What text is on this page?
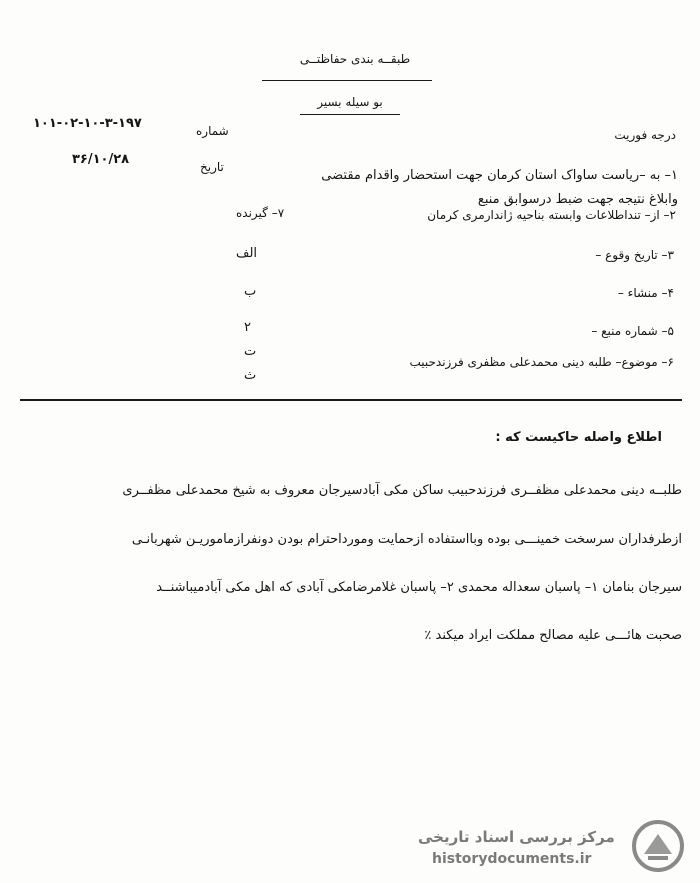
طبقــه بندی حفاظتــی
بو سیله بسیر
درجه فوریت
شماره
۱۰۱-۰۲-۱۰-۳-۱۹۷
تاریخ
۳۶/۱۰/۲۸
۱– به –ریاست ساواک استان کرمان جهت استحضار واقدام مقتضی وابلاغ نتیجه جهت ضبط درسوابق منبع
۲– از– تنداطلاعات وابسته بناحیه ژاندارمری کرمان
۷– گیرنده
۳– تاریخ وقوع –
۴– منشاء –
۵– شماره منبع –
۶– موضوع– طلبه دینی محمدعلی مظفری فرزندحبیب
الف
ب
۲
ت
ث
اطلاع واصله حاکیست که :
طلبــه دینی محمدعلی مظفــری فرزندحبیب ساکن مکی آبادسیرجان معروف به شیخ محمدعلی مظفــری
ازطرفداران سرسخت خمینـــی بوده وبااستفاده ازحمایت ومورداحترام بودن دونفرازماموریـن شهربانـی
سیرجان بنامان ۱– پاسبان سعداله محمدی ۲– پاسبان غلامرضامکی آبادی که اهل مکی آبادمیباشنــد
صحبت هائـــی علیه مصالح مملکت ایراد میکند ٪
مرکز بررسی اسناد تاریخی
historydocuments.ir
